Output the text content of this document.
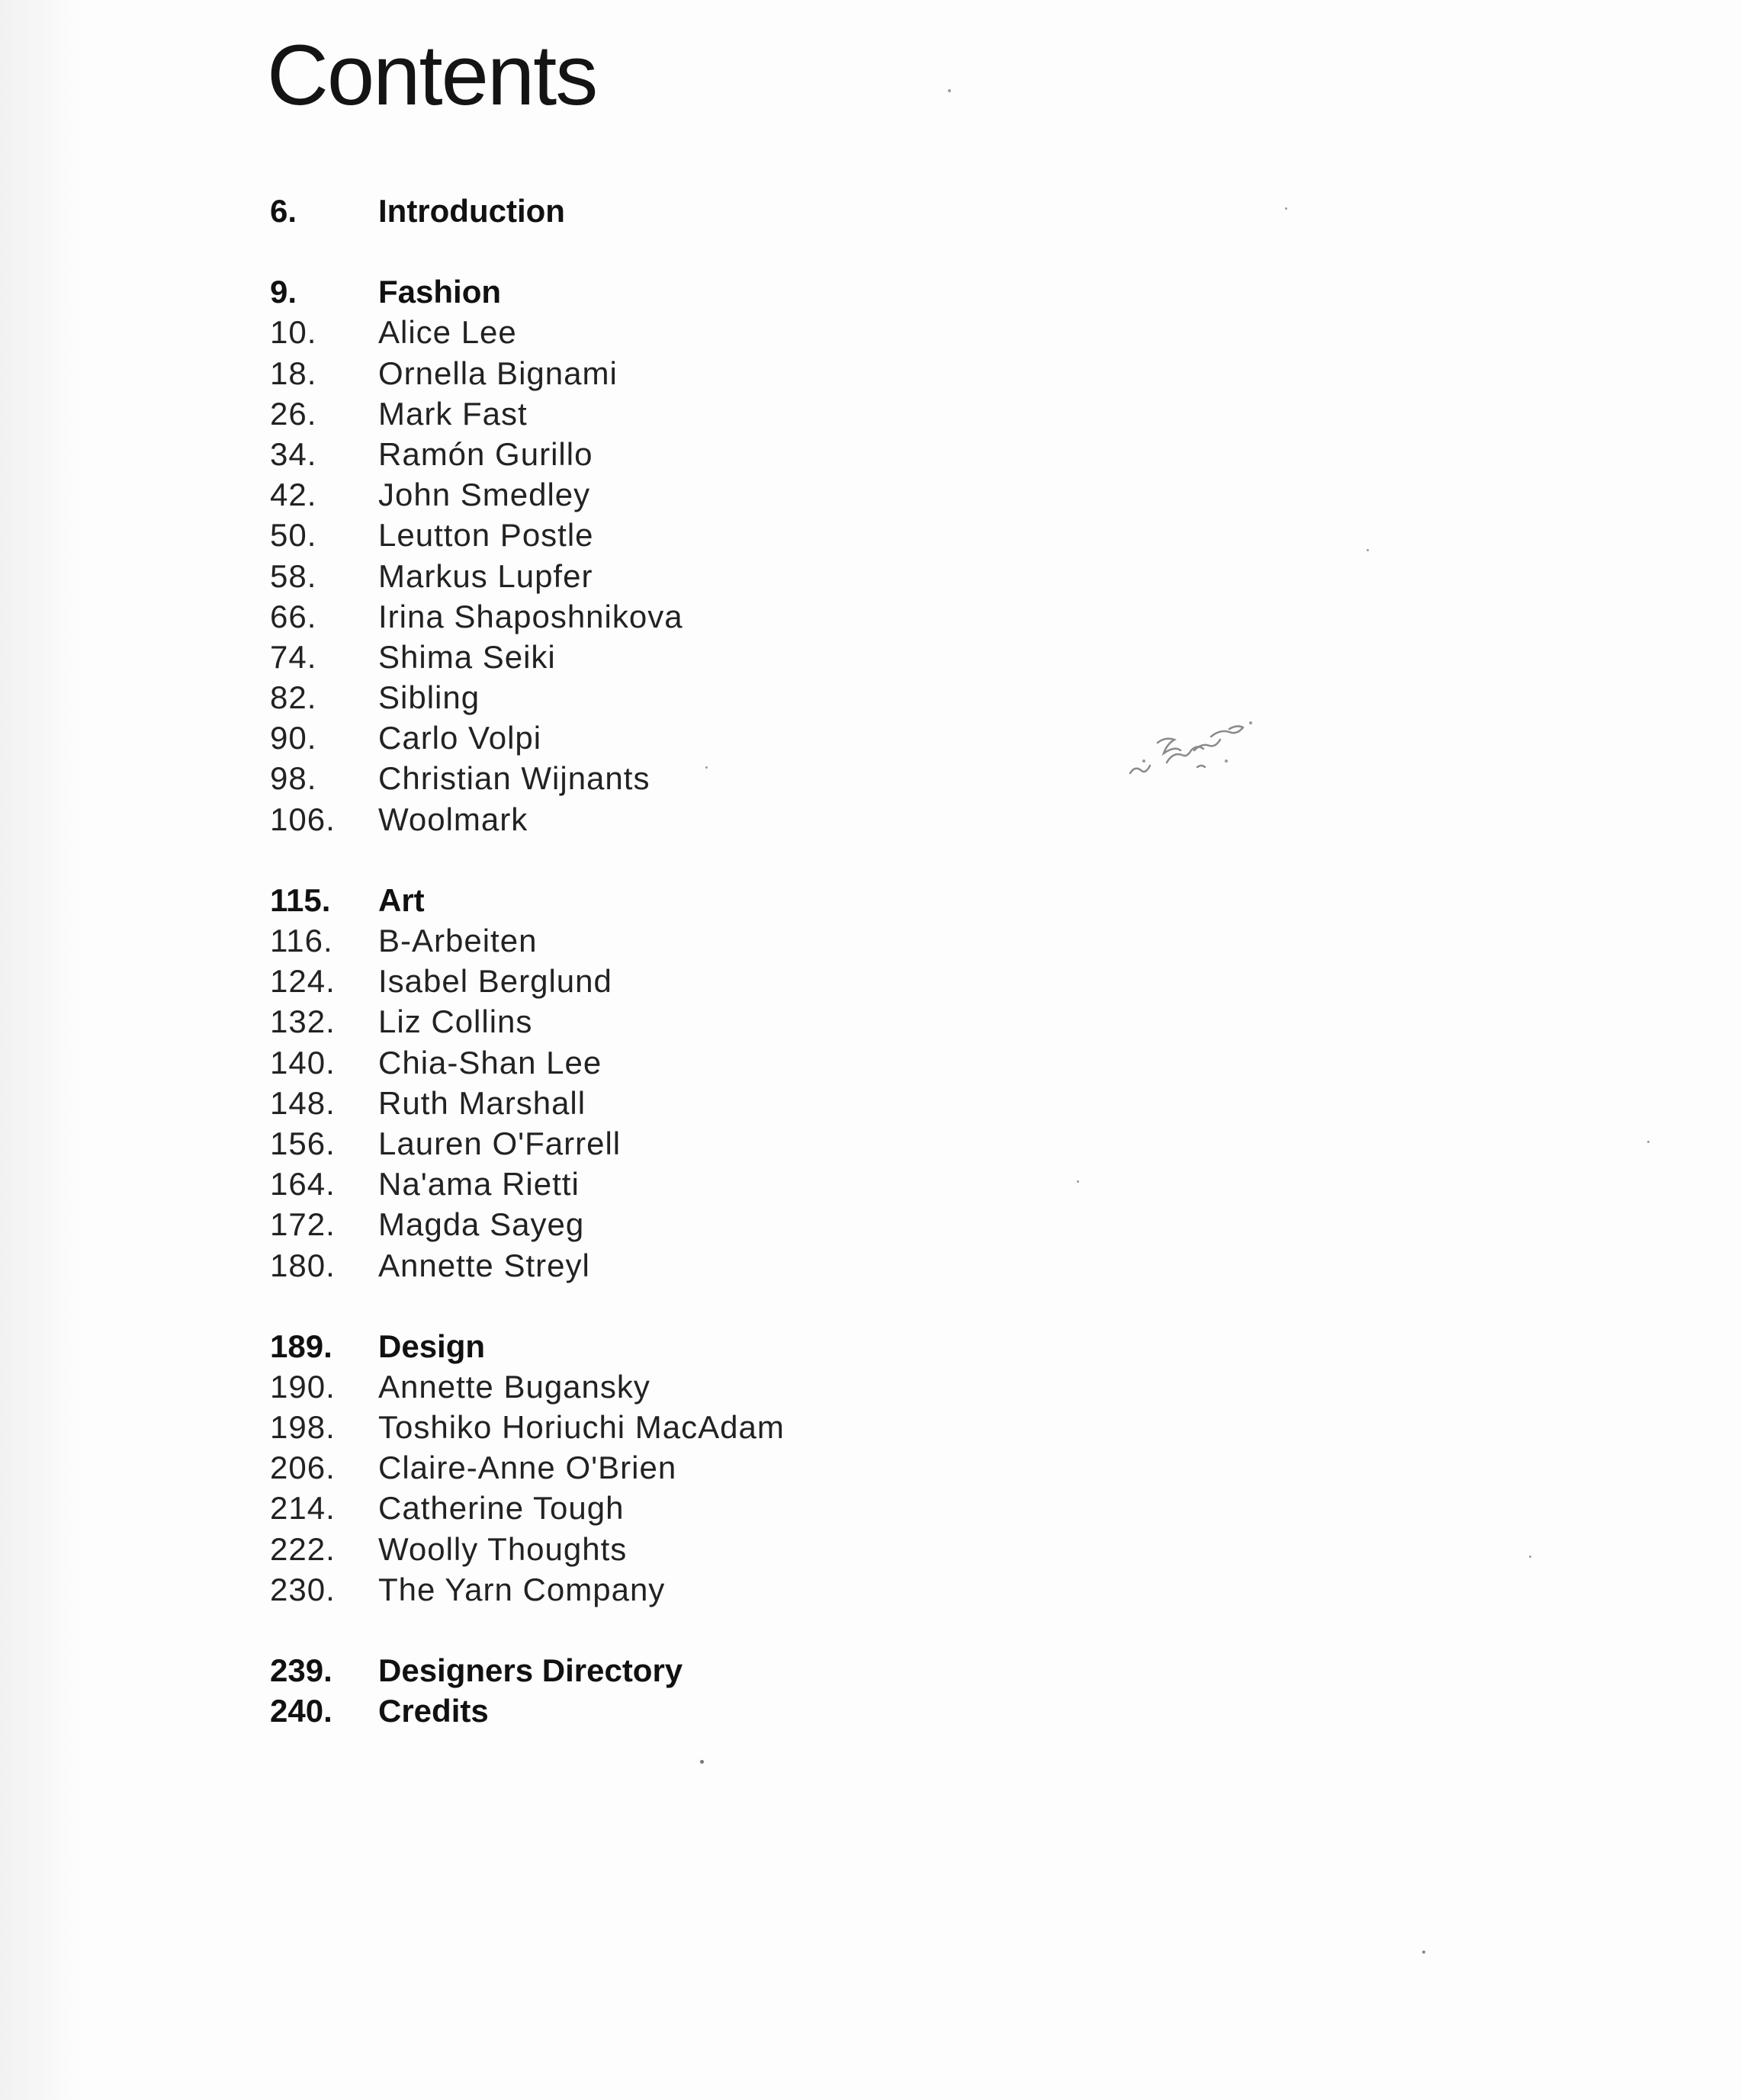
Contents
6.	Introduction
9.	Fashion
10.	Alice Lee
18.	Ornella Bignami
26.	Mark Fast
34.	Ramón Gurillo
42.	John Smedley
50.	Leutton Postle
58.	Markus Lupfer
66.	Irina Shaposhnikova
74.	Shima Seiki
82.	Sibling
90.	Carlo Volpi
98.	Christian Wijnants
106.	Woolmark
115.	Art
116.	B-Arbeiten
124.	Isabel Berglund
132.	Liz Collins
140.	Chia-Shan Lee
148.	Ruth Marshall
156.	Lauren O'Farrell
164.	Na'ama Rietti
172.	Magda Sayeg
180.	Annette Streyl
189.	Design
190.	Annette Bugansky
198.	Toshiko Horiuchi MacAdam
206.	Claire-Anne O'Brien
214.	Catherine Tough
222.	Woolly Thoughts
230.	The Yarn Company
239.	Designers Directory
240.	Credits
